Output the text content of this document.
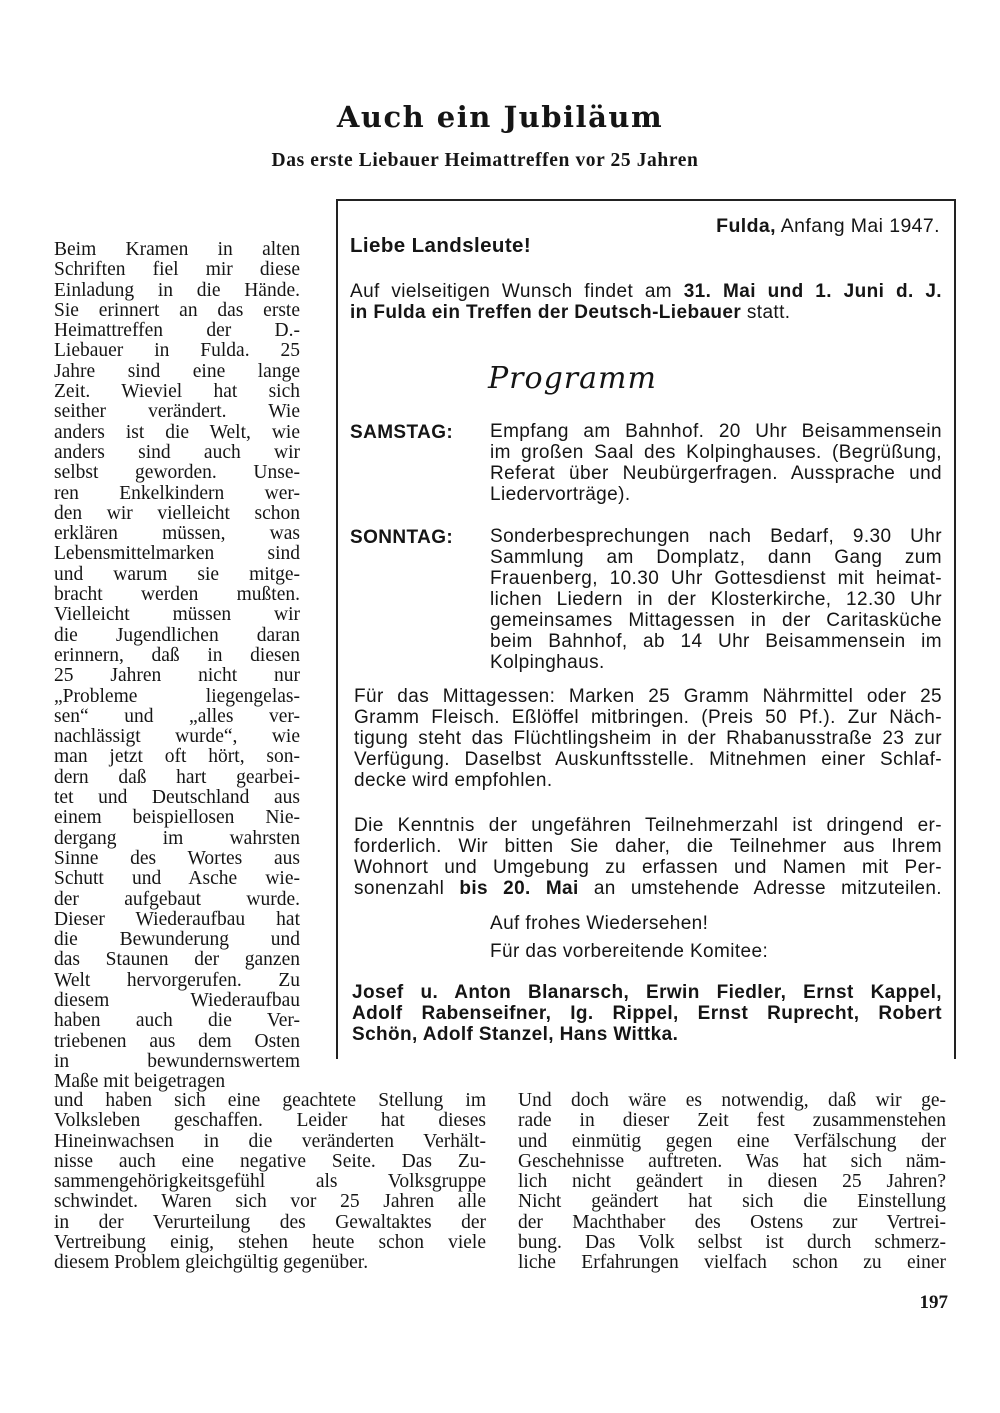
Auch ein Jubiläum
Das erste Liebauer Heimattreffen vor 25 Jahren
Beim Kramen in alten
Schriften fiel mir diese
Einladung in die Hände.
Sie erinnert an das erste
Heimattreffen der D.-
Liebauer in Fulda. 25
Jahre sind eine lange
Zeit. Wieviel hat sich
seither verändert. Wie
anders ist die Welt, wie
anders sind auch wir
selbst geworden. Unse-
ren Enkelkindern wer-
den wir vielleicht schon
erklären müssen, was
Lebensmittelmarken sind
und warum sie mitge-
bracht werden mußten.
Vielleicht müssen wir
die Jugendlichen daran
erinnern, daß in diesen
25 Jahren nicht nur
„Probleme liegengelas-
sen“ und „alles ver-
nachlässigt wurde“, wie
man jetzt oft hört, son-
dern daß hart gearbei-
tet und Deutschland aus
einem beispiellosen Nie-
dergang im wahrsten
Sinne des Wortes aus
Schutt und Asche wie-
der aufgebaut wurde.
Dieser Wiederaufbau hat
die Bewunderung und
das Staunen der ganzen
Welt hervorgerufen. Zu
diesem Wiederaufbau
haben auch die Ver-
triebenen aus dem Osten
in bewundernswertem
Maße mit beigetragen
Fulda, Anfang Mai 1947.
Liebe Landsleute!
Auf vielseitigen Wunsch findet am 31. Mai und 1. Juni d. J.
in Fulda ein Treffen der Deutsch-Liebauer statt.
Programm
SAMSTAG: Empfang am Bahnhof. 20 Uhr Beisammensein
im großen Saal des Kolpinghauses. (Begrüßung,
Referat über Neubürgerfragen. Aussprache und
Liedervorträge).
SONNTAG: Sonderbesprechungen nach Bedarf, 9.30 Uhr
Sammlung am Domplatz, dann Gang zum
Frauenberg, 10.30 Uhr Gottesdienst mit heimat-
lichen Liedern in der Klosterkirche, 12.30 Uhr
gemeinsames Mittagessen in der Caritasküche
beim Bahnhof, ab 14 Uhr Beisammensein im
Kolpinghaus.
Für das Mittagessen: Marken 25 Gramm Nährmittel oder 25
Gramm Fleisch. Eßlöffel mitbringen. (Preis 50 Pf.). Zur Näch-
tigung steht das Flüchtlingsheim in der Rhabanusstraße 23 zur
Verfügung. Daselbst Auskunftsstelle. Mitnehmen einer Schlaf-
decke wird empfohlen.
Die Kenntnis der ungefähren Teilnehmerzahl ist dringend er-
forderlich. Wir bitten Sie daher, die Teilnehmer aus Ihrem
Wohnort und Umgebung zu erfassen und Namen mit Per-
sonenzahl bis 20. Mai an umstehende Adresse mitzuteilen.
Auf frohes Wiedersehen!
Für das vorbereitende Komitee:
Josef u. Anton Blanarsch, Erwin Fiedler, Ernst Kappel,
Adolf Rabenseifner, Ig. Rippel, Ernst Ruprecht, Robert
Schön, Adolf Stanzel, Hans Wittka.
und haben sich eine geachtete Stellung im
Volksleben geschaffen. Leider hat dieses
Hineinwachsen in die veränderten Verhält-
nisse auch eine negative Seite. Das Zu-
sammengehörigkeitsgefühl als Volksgruppe
schwindet. Waren sich vor 25 Jahren alle
in der Verurteilung des Gewaltaktes der
Vertreibung einig, stehen heute schon viele
diesem Problem gleichgültig gegenüber.
Und doch wäre es notwendig, daß wir ge-
rade in dieser Zeit fest zusammenstehen
und einmütig gegen eine Verfälschung der
Geschehnisse auftreten. Was hat sich näm-
lich nicht geändert in diesen 25 Jahren?
Nicht geändert hat sich die Einstellung
der Machthaber des Ostens zur Vertrei-
bung. Das Volk selbst ist durch schmerz-
liche Erfahrungen vielfach schon zu einer
197
